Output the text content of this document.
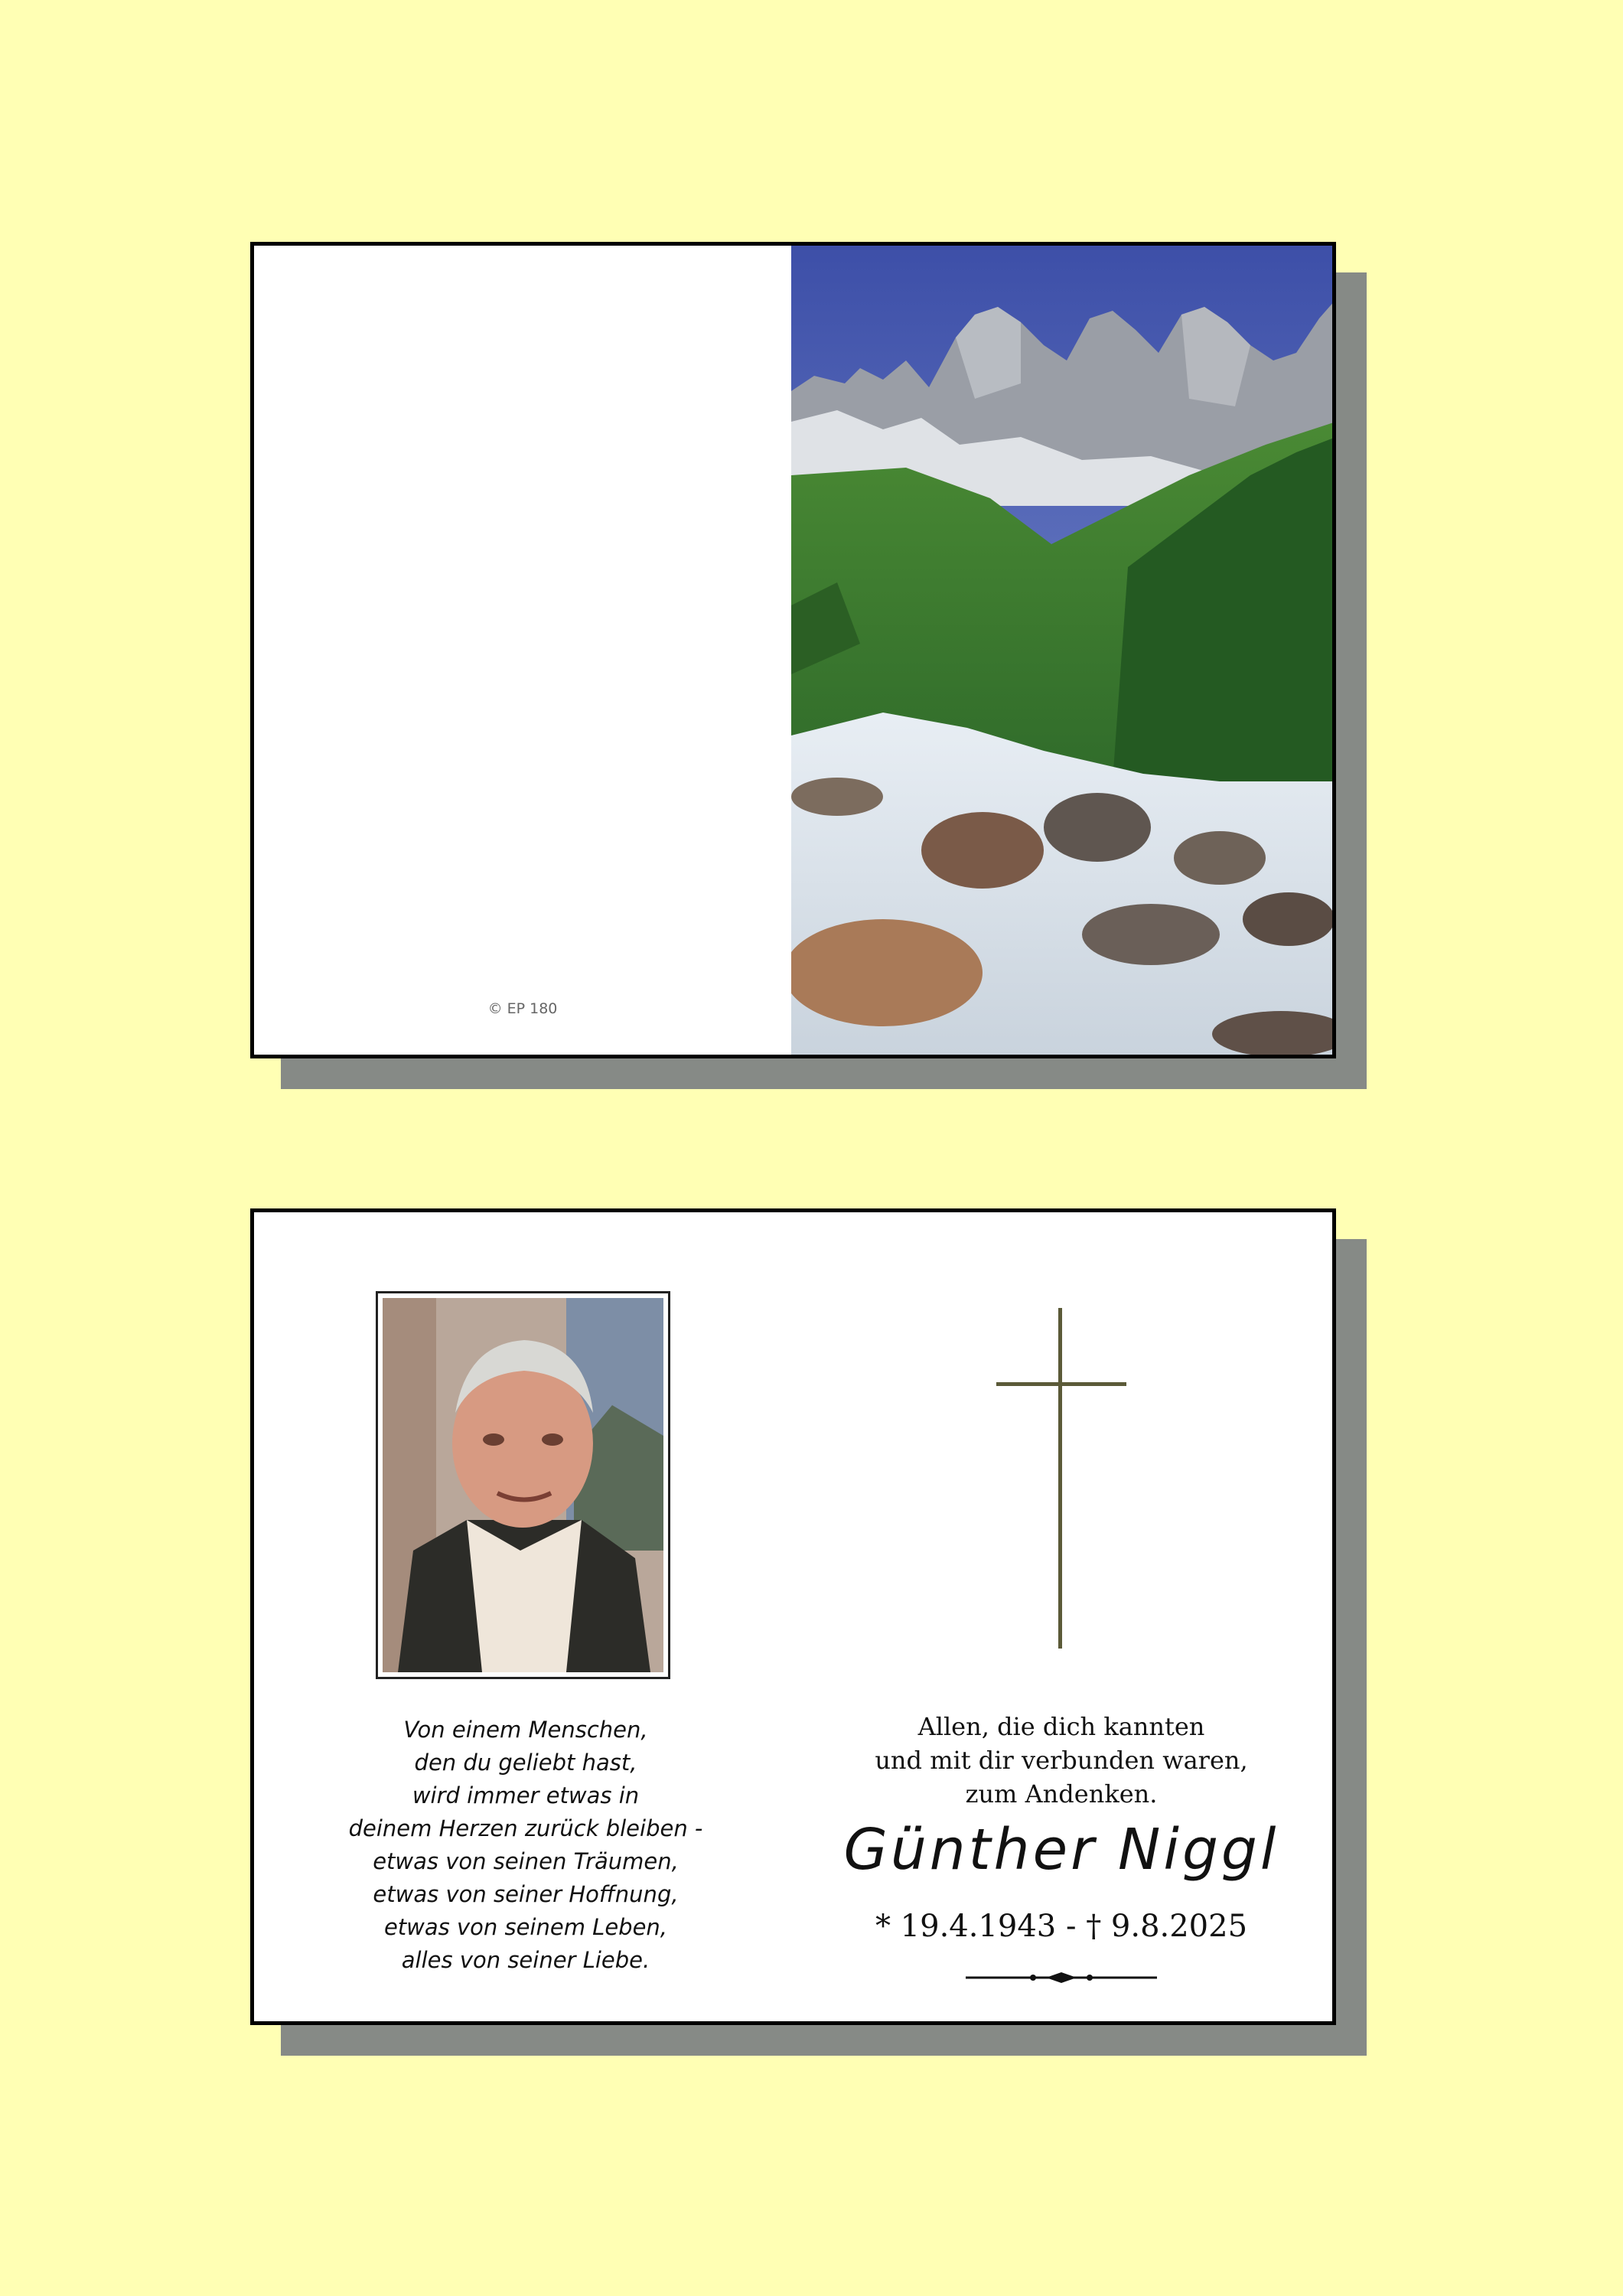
© EP 180
Von einem Menschen,
den du geliebt hast,
wird immer etwas in
deinem Herzen zurück bleiben -
etwas von seinen Träumen,
etwas von seiner Hoffnung,
etwas von seinem Leben,
alles von seiner Liebe.
Allen, die dich kannten
und mit dir verbunden waren,
zum Andenken.
Günther Niggl
* 19.4.1943 - † 9.8.2025
